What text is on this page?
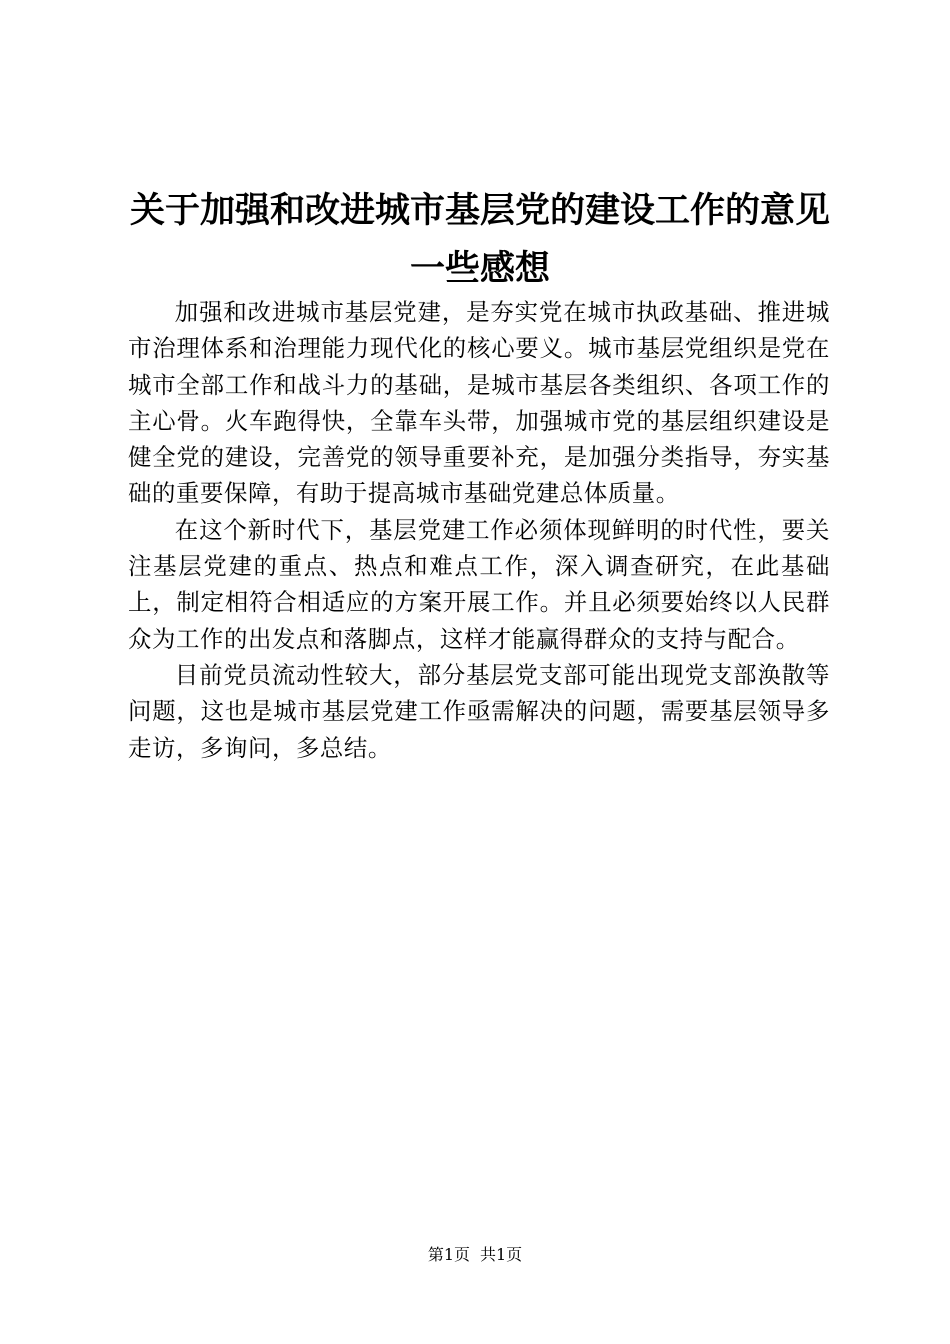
关于加强和改进城市基层党的建设工作的意见
一些感想

加强和改进城市基层党建，是夯实党在城市执政基础、推进城市治理体系和治理能力现代化的核心要义。城市基层党组织是党在城市全部工作和战斗力的基础，是城市基层各类组织、各项工作的主心骨。火车跑得快，全靠车头带，加强城市党的基层组织建设是健全党的建设，完善党的领导重要补充，是加强分类指导，夯实基础的重要保障，有助于提高城市基础党建总体质量。

在这个新时代下，基层党建工作必须体现鲜明的时代性，要关注基层党建的重点、热点和难点工作，深入调查研究，在此基础上，制定相符合相适应的方案开展工作。并且必须要始终以人民群众为工作的出发点和落脚点，这样才能赢得群众的支持与配合。

目前党员流动性较大，部分基层党支部可能出现党支部涣散等问题，这也是城市基层党建工作亟需解决的问题，需要基层领导多走访，多询问，多总结。

第1页 共1页
